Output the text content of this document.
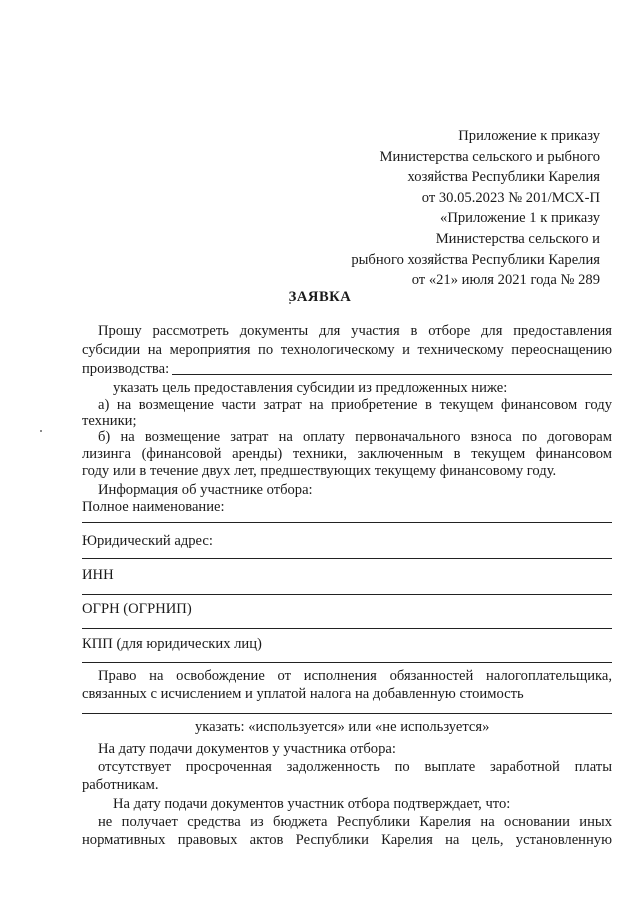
Приложение к приказу
Министерства сельского и рыбного
хозяйства Республики Карелия
от 30.05.2023 № 201/МСХ-П
«Приложение 1 к приказу
Министерства сельского и
рыбного хозяйства Республики Карелия
от «21» июля 2021 года № 289
ЗАЯВКА
Прошу рассмотреть документы для участия в отборе для предоставления
субсидии на мероприятия по технологическому и техническому переоснащению
производства:
указать цель предоставления субсидии из предложенных ниже:
а) на возмещение части затрат на приобретение в текущем финансовом году
техники;
б) на возмещение затрат на оплату первоначального взноса по договорам
лизинга (финансовой аренды) техники, заключенным в текущем финансовом
году или в течение двух лет, предшествующих текущему финансовому году.
Информация об участнике отбора:
Полное наименование:
Юридический адрес:
ИНН
ОГРН (ОГРНИП)
КПП (для юридических лиц)
Право на освобождение от исполнения обязанностей налогоплательщика,
связанных с исчислением и уплатой налога на добавленную стоимость
указать: «используется» или «не используется»
На дату подачи документов у участника отбора:
отсутствует просроченная задолженность по выплате заработной платы
работникам.
На дату подачи документов участник отбора подтверждает, что:
не получает средства из бюджета Республики Карелия на основании иных
нормативных правовых актов Республики Карелия на цель, установленную
